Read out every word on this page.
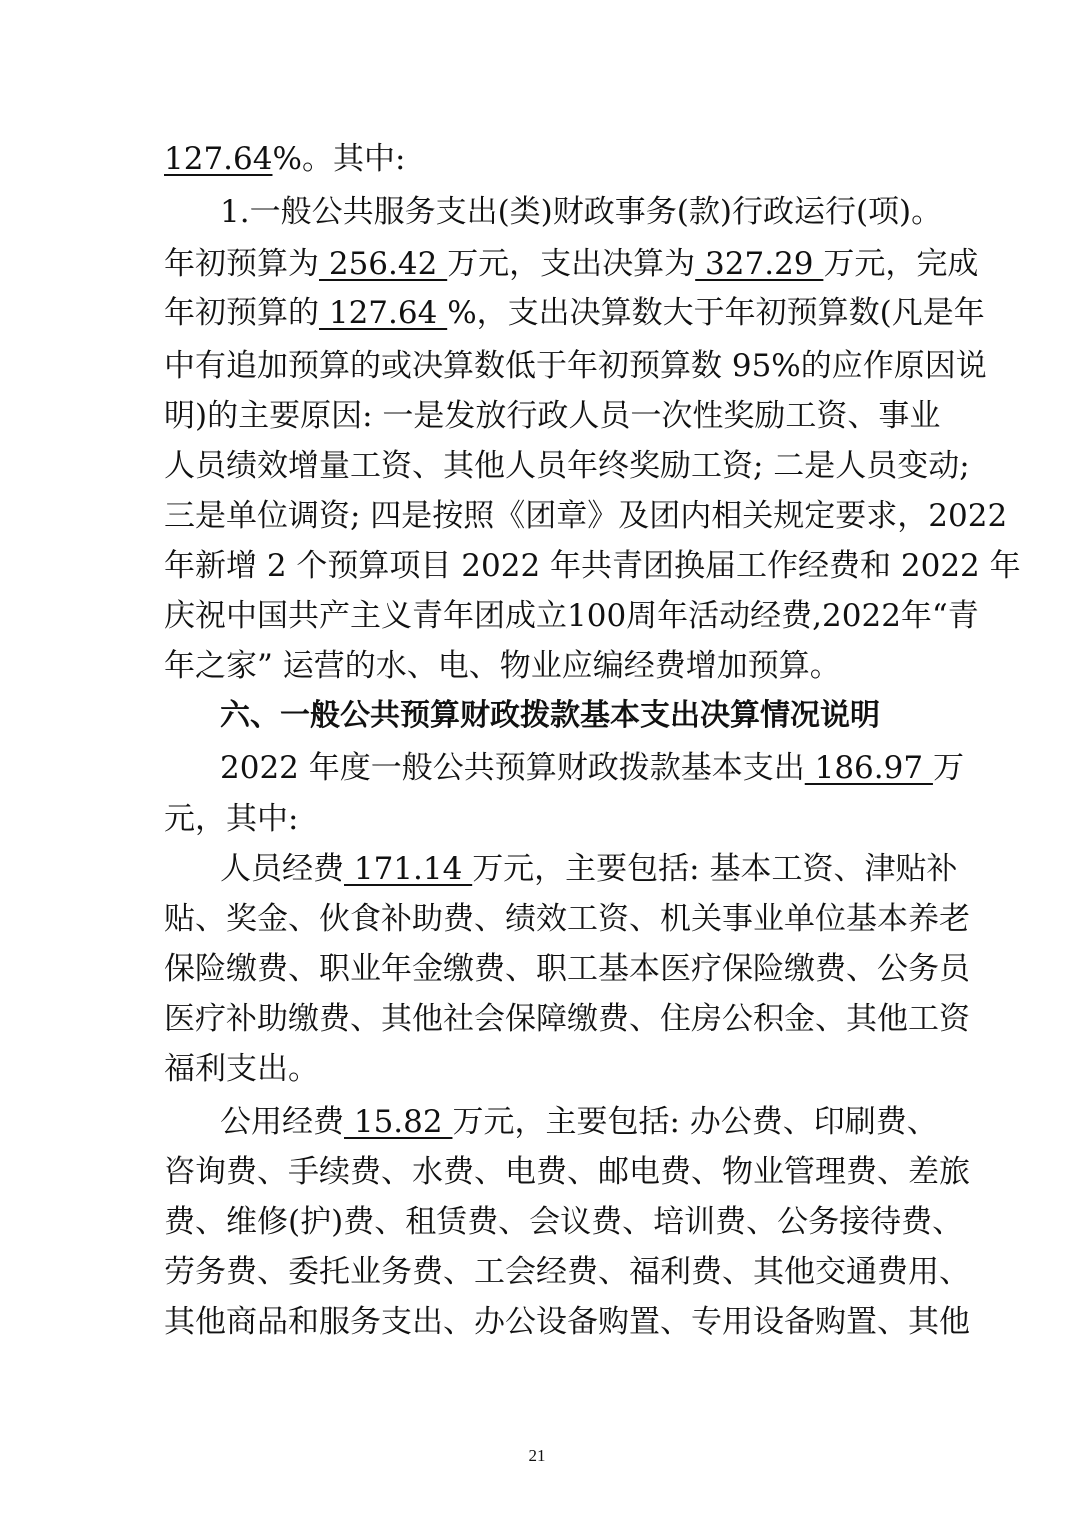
127.64%。其中:
1.一般公共服务支出(类)财政事务(款)行政运行(项)。
年初预算为 256.42 万元，支出决算为 327.29 万元，完成
年初预算的 127.64 %，支出决算数大于年初预算数(凡是年
中有追加预算的或决算数低于年初预算数 95%的应作原因说
明)的主要原因: 一是发放行政人员一次性奖励工资、事业
人员绩效增量工资、其他人员年终奖励工资; 二是人员变动;
三是单位调资; 四是按照《团章》及团内相关规定要求，2022
年新增 2 个预算项目 2022 年共青团换届工作经费和 2022 年
庆祝中国共产主义青年团成立100周年活动经费,2022年“青
年之家” 运营的水、电、物业应编经费增加预算。
六、一般公共预算财政拨款基本支出决算情况说明
2022 年度一般公共预算财政拨款基本支出 186.97 万
元，其中:
人员经费 171.14 万元，主要包括: 基本工资、津贴补
贴、奖金、伙食补助费、绩效工资、机关事业单位基本养老
保险缴费、职业年金缴费、职工基本医疗保险缴费、公务员
医疗补助缴费、其他社会保障缴费、住房公积金、其他工资
福利支出。
公用经费 15.82 万元，主要包括: 办公费、印刷费、
咨询费、手续费、水费、电费、邮电费、物业管理费、差旅
费、维修(护)费、租赁费、会议费、培训费、公务接待费、
劳务费、委托业务费、工会经费、福利费、其他交通费用、
其他商品和服务支出、办公设备购置、专用设备购置、其他
21
